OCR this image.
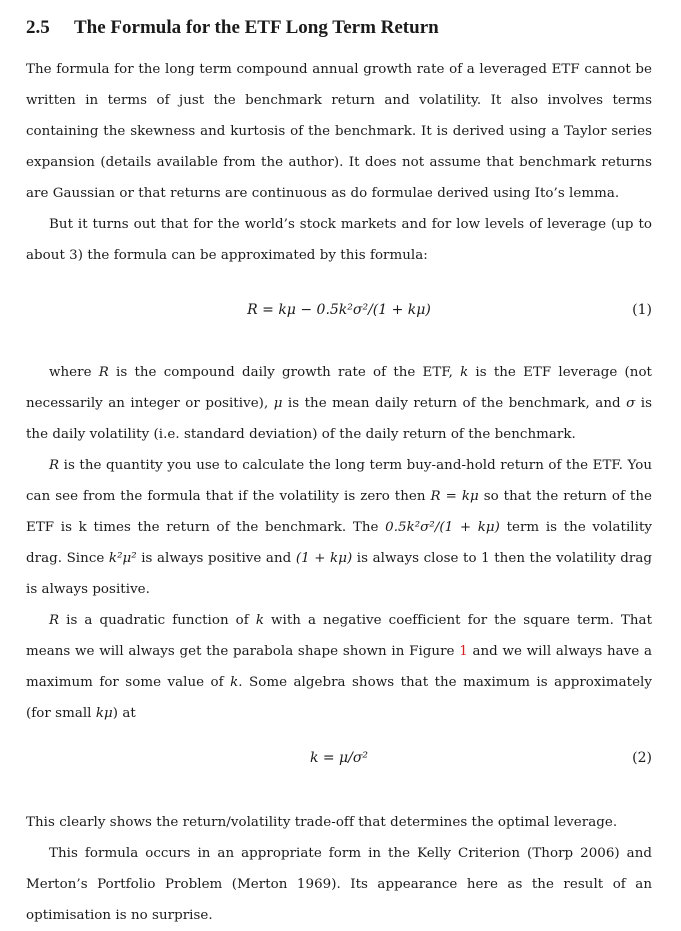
2.5 The Formula for the ETF Long Term Return

The formula for the long term compound annual growth rate of a leveraged ETF cannot be written in terms of just the benchmark return and volatility. It also involves terms containing the skewness and kurtosis of the benchmark. It is derived using a Taylor series expansion (details available from the author). It does not assume that benchmark returns are Gaussian or that returns are continuous as do formulae derived using Ito’s lemma.

But it turns out that for the world’s stock markets and for low levels of leverage (up to about 3) the formula can be approximated by this formula:

R = kμ − 0.5k²σ²/(1 + kμ)	(1)

where R is the compound daily growth rate of the ETF, k is the ETF leverage (not necessarily an integer or positive), μ is the mean daily return of the benchmark, and σ is the daily volatility (i.e. standard deviation) of the daily return of the benchmark.

R is the quantity you use to calculate the long term buy-and-hold return of the ETF. You can see from the formula that if the volatility is zero then R = kμ so that the return of the ETF is k times the return of the benchmark. The 0.5k²σ²/(1 + kμ) term is the volatility drag. Since k²μ² is always positive and (1 + kμ) is always close to 1 then the volatility drag is always positive.

R is a quadratic function of k with a negative coefficient for the square term. That means we will always get the parabola shape shown in Figure 1 and we will always have a maximum for some value of k. Some algebra shows that the maximum is approximately (for small kμ) at

k = μ/σ²	(2)

This clearly shows the return/volatility trade-off that determines the optimal leverage.

This formula occurs in an appropriate form in the Kelly Criterion (Thorp 2006) and Merton’s Portfolio Problem (Merton 1969). Its appearance here as the result of an optimisation is no surprise.
